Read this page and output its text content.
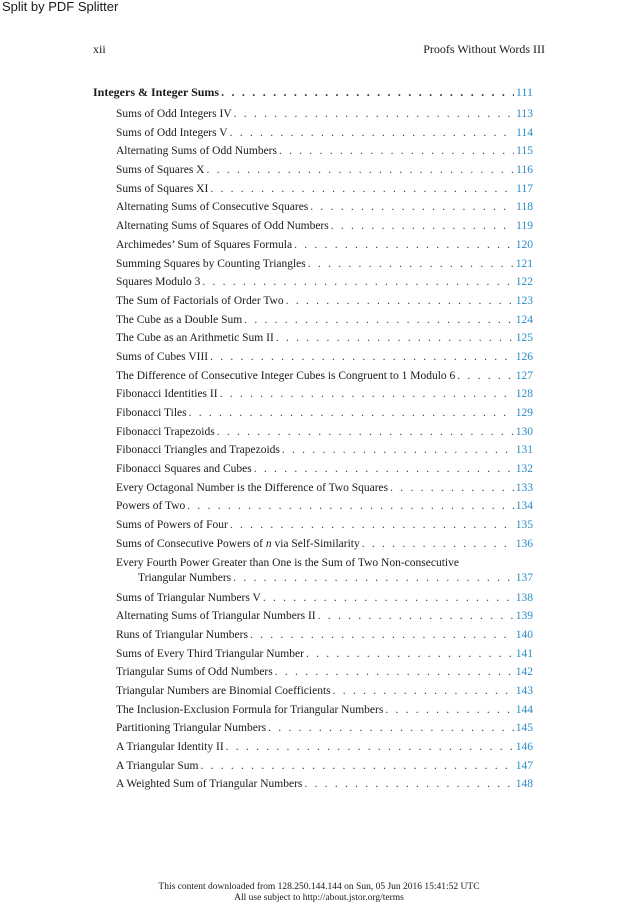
Split by PDF Splitter
xii	Proofs Without Words III
Integers & Integer Sums . . .	111
Sums of Odd Integers IV . . .	113
Sums of Odd Integers V . . .	114
Alternating Sums of Odd Numbers . . .	115
Sums of Squares X . . .	116
Sums of Squares XI . . .	117
Alternating Sums of Consecutive Squares . . .	118
Alternating Sums of Squares of Odd Numbers . . .	119
Archimedes’ Sum of Squares Formula . . .	120
Summing Squares by Counting Triangles . . .	121
Squares Modulo 3 . . .	122
The Sum of Factorials of Order Two . . .	123
The Cube as a Double Sum . . .	124
The Cube as an Arithmetic Sum II . . .	125
Sums of Cubes VIII . . .	126
The Difference of Consecutive Integer Cubes is Congruent to 1 Modulo 6 . . .	127
Fibonacci Identities II . . .	128
Fibonacci Tiles . . .	129
Fibonacci Trapezoids . . .	130
Fibonacci Triangles and Trapezoids . . .	131
Fibonacci Squares and Cubes . . .	132
Every Octagonal Number is the Difference of Two Squares . . .	133
Powers of Two . . .	134
Sums of Powers of Four . . .	135
Sums of Consecutive Powers of n via Self-Similarity . . .	136
Every Fourth Power Greater than One is the Sum of Two Non-consecutive
Triangular Numbers . . .	137
Sums of Triangular Numbers V . . .	138
Alternating Sums of Triangular Numbers II . . .	139
Runs of Triangular Numbers . . .	140
Sums of Every Third Triangular Number . . .	141
Triangular Sums of Odd Numbers . . .	142
Triangular Numbers are Binomial Coefficients . . .	143
The Inclusion-Exclusion Formula for Triangular Numbers . . .	144
Partitioning Triangular Numbers . . .	145
A Triangular Identity II . . .	146
A Triangular Sum . . .	147
A Weighted Sum of Triangular Numbers . . .	148
This content downloaded from 128.250.144.144 on Sun, 05 Jun 2016 15:41:52 UTC
All use subject to http://about.jstor.org/terms
